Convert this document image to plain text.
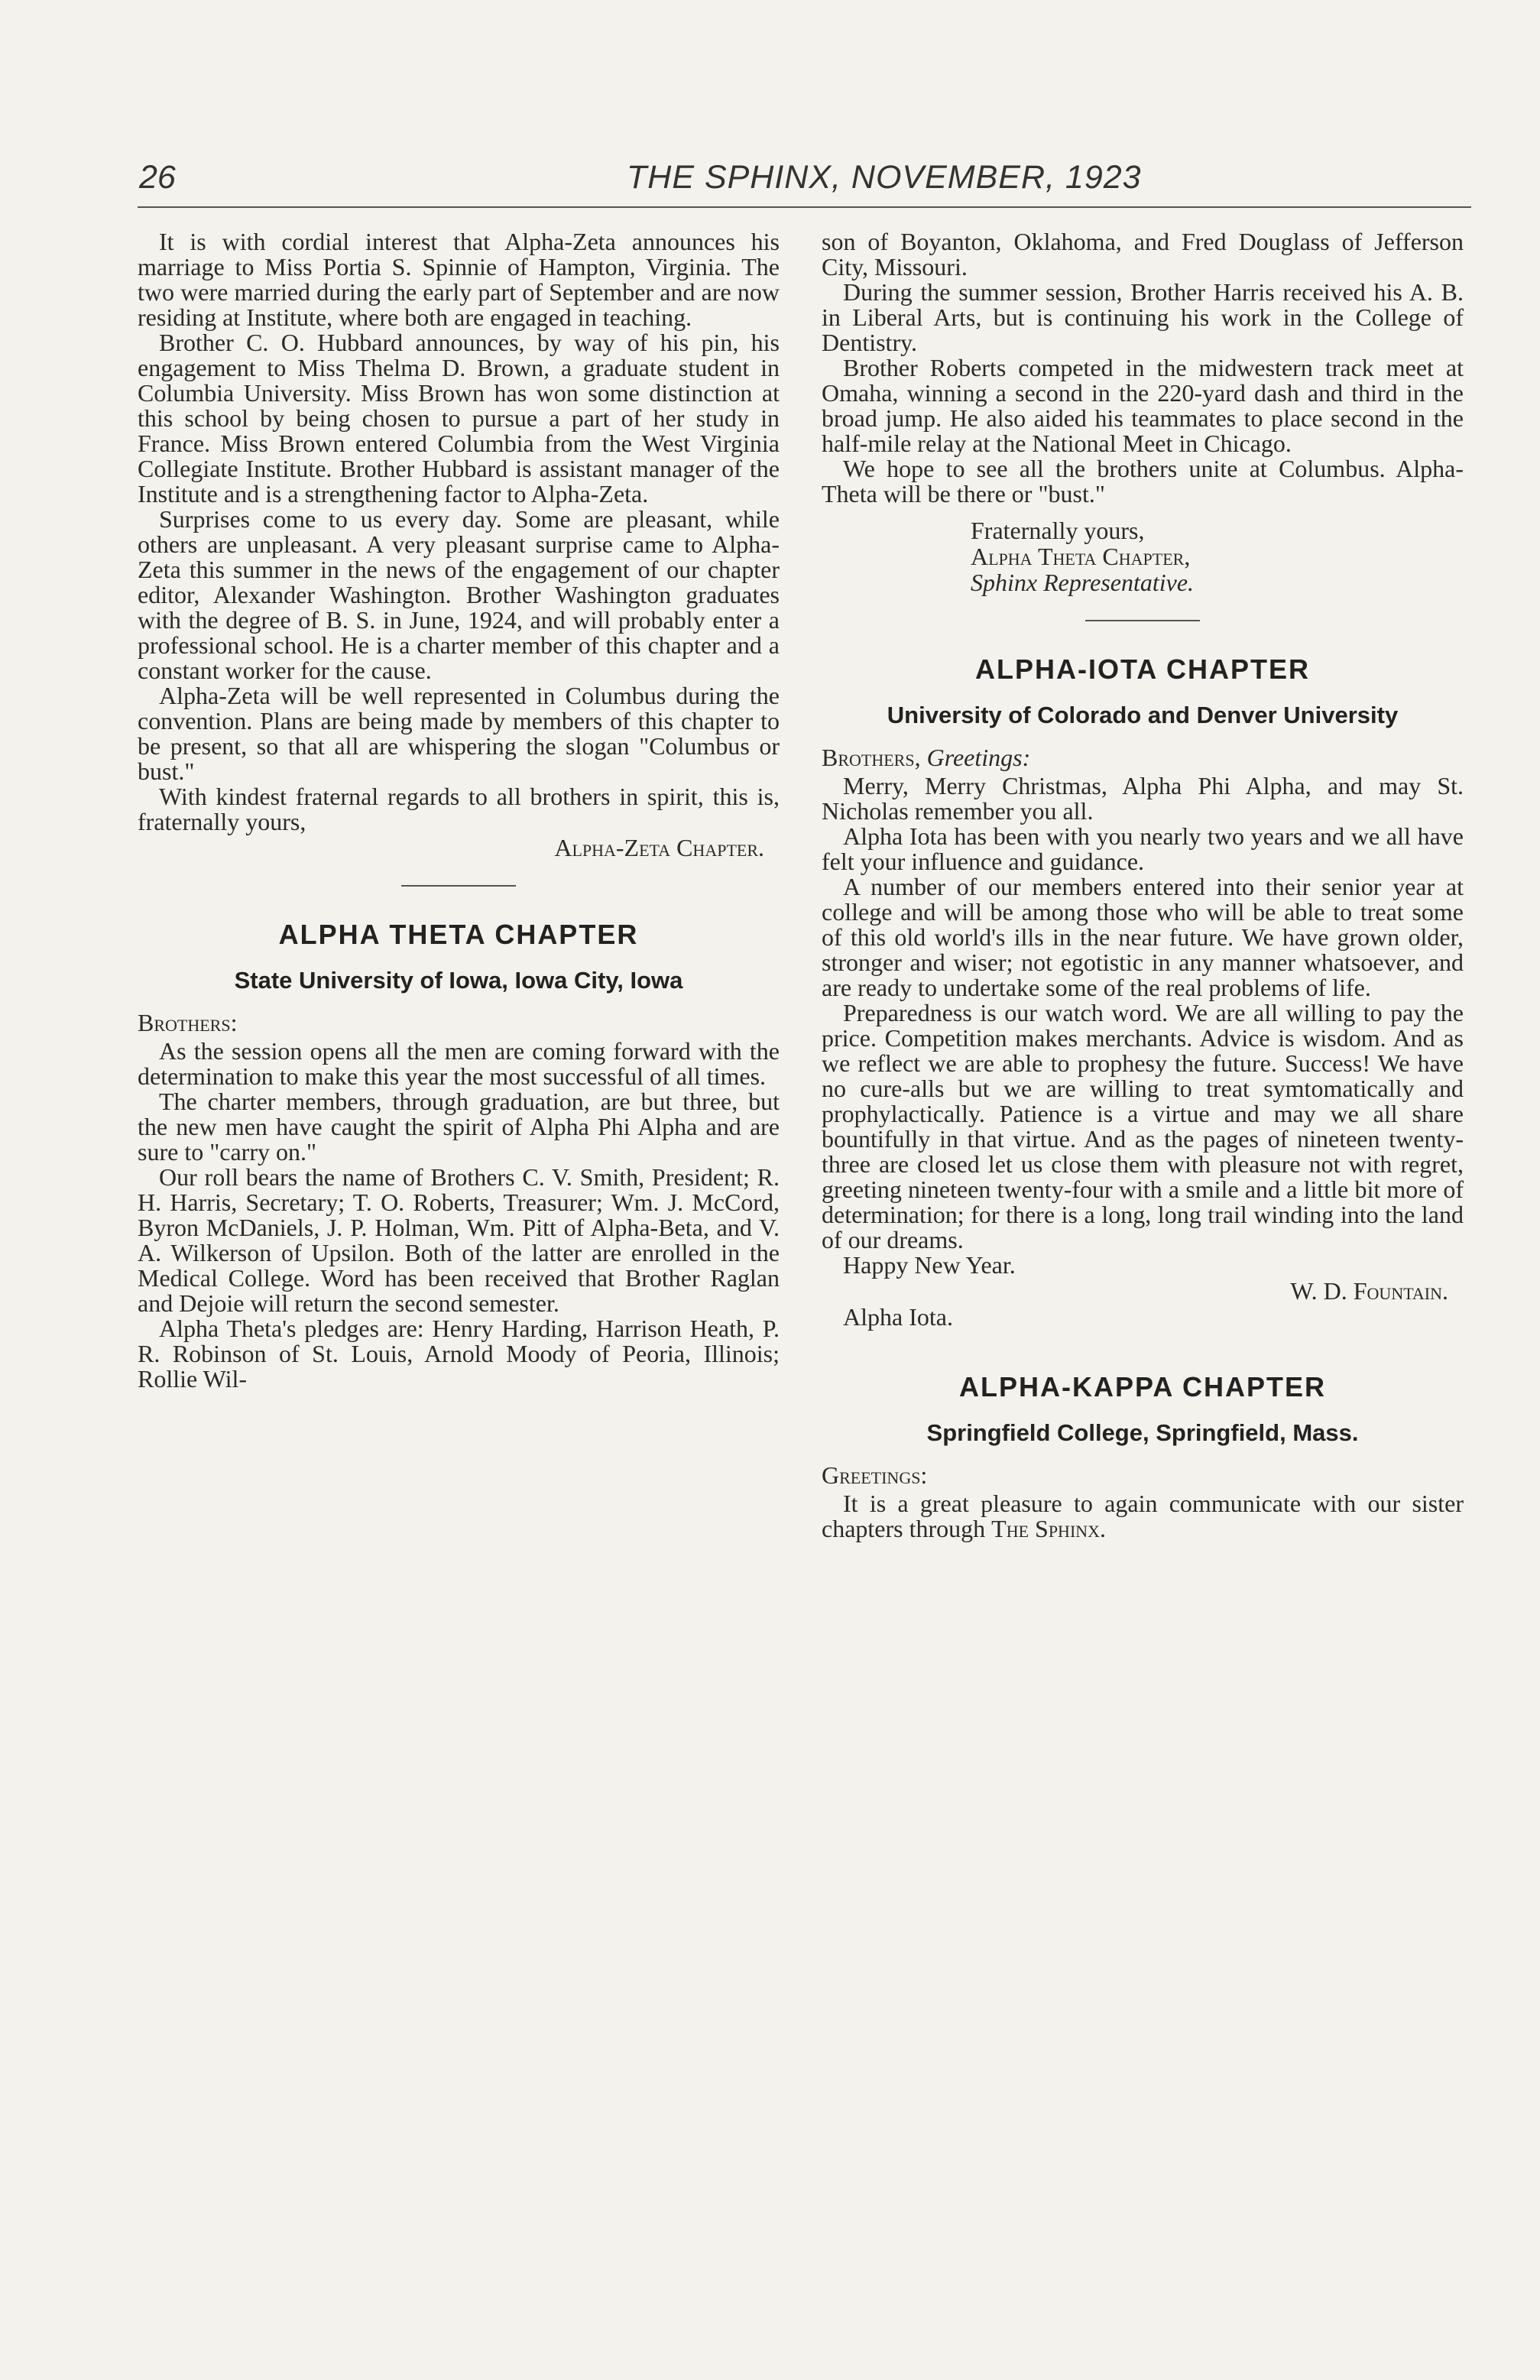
26	THE SPHINX, NOVEMBER, 1923

It is with cordial interest that Alpha-Zeta announces his marriage to Miss Portia S. Spinnie of Hampton, Virginia. The two were married during the early part of September and are now residing at Institute, where both are engaged in teaching.

Brother C. O. Hubbard announces, by way of his pin, his engagement to Miss Thelma D. Brown, a graduate student in Columbia University. Miss Brown has won some distinction at this school by being chosen to pursue a part of her study in France. Miss Brown entered Columbia from the West Virginia Collegiate Institute. Brother Hubbard is assistant manager of the Institute and is a strengthening factor to Alpha-Zeta.

Surprises come to us every day. Some are pleasant, while others are unpleasant. A very pleasant surprise came to Alpha-Zeta this summer in the news of the engagement of our chapter editor, Alexander Washington. Brother Washington graduates with the degree of B. S. in June, 1924, and will probably enter a professional school. He is a charter member of this chapter and a constant worker for the cause.

Alpha-Zeta will be well represented in Columbus during the convention. Plans are being made by members of this chapter to be present, so that all are whispering the slogan "Columbus or bust."

With kindest fraternal regards to all brothers in spirit, this is, fraternally yours,

Alpha-Zeta Chapter.

ALPHA THETA CHAPTER
State University of Iowa, Iowa City, Iowa

Brothers:

As the session opens all the men are coming forward with the determination to make this year the most successful of all times.

The charter members, through graduation, are but three, but the new men have caught the spirit of Alpha Phi Alpha and are sure to "carry on."

Our roll bears the name of Brothers C. V. Smith, President; R. H. Harris, Secretary; T. O. Roberts, Treasurer; Wm. J. McCord, Byron McDaniels, J. P. Holman, Wm. Pitt of Alpha-Beta, and V. A. Wilkerson of Upsilon. Both of the latter are enrolled in the Medical College. Word has been received that Brother Raglan and Dejoie will return the second semester.

Alpha Theta's pledges are: Henry Harding, Harrison Heath, P. R. Robinson of St. Louis, Arnold Moody of Peoria, Illinois; Rollie Wil-

son of Boyanton, Oklahoma, and Fred Douglass of Jefferson City, Missouri.

During the summer session, Brother Harris received his A. B. in Liberal Arts, but is continuing his work in the College of Dentistry.

Brother Roberts competed in the midwestern track meet at Omaha, winning a second in the 220-yard dash and third in the broad jump. He also aided his teammates to place second in the half-mile relay at the National Meet in Chicago.

We hope to see all the brothers unite at Columbus. Alpha-Theta will be there or "bust."

Fraternally yours,

Alpha Theta Chapter,

Sphinx Representative.

ALPHA-IOTA CHAPTER
University of Colorado and Denver University

Brothers, Greetings:

Merry, Merry Christmas, Alpha Phi Alpha, and may St. Nicholas remember you all.

Alpha Iota has been with you nearly two years and we all have felt your influence and guidance.

A number of our members entered into their senior year at college and will be among those who will be able to treat some of this old world's ills in the near future. We have grown older, stronger and wiser; not egotistic in any manner whatsoever, and are ready to undertake some of the real problems of life.

Preparedness is our watch word. We are all willing to pay the price. Competition makes merchants. Advice is wisdom. And as we reflect we are able to prophesy the future. Success! We have no cure-alls but we are willing to treat symtomatically and prophylactically. Patience is a virtue and may we all share bountifully in that virtue. And as the pages of nineteen twenty-three are closed let us close them with pleasure not with regret, greeting nineteen twenty-four with a smile and a little bit more of determination; for there is a long, long trail winding into the land of our dreams.

Happy New Year.

W. D. Fountain.

Alpha Iota.

ALPHA-KAPPA CHAPTER
Springfield College, Springfield, Mass.

Greetings:

It is a great pleasure to again communicate with our sister chapters through The Sphinx.
